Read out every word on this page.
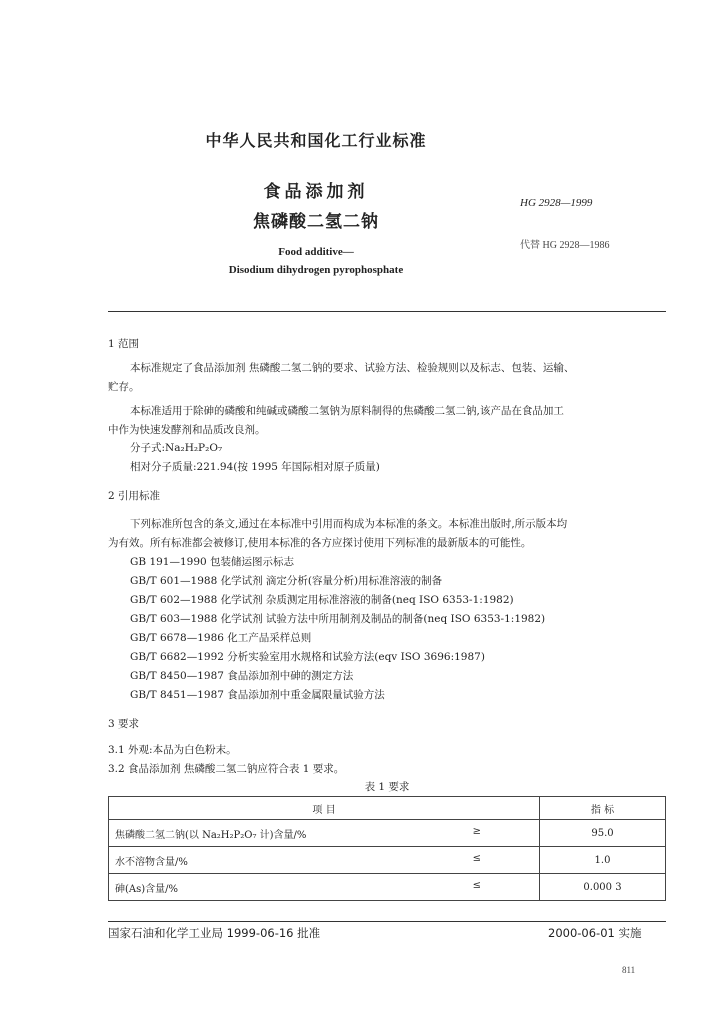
中华人民共和国化工行业标准
食品添加剂
焦磷酸二氢二钠
HG 2928—1999
代替 HG 2928—1986
Food additive—
Disodium dihydrogen pyrophosphate
1 范围
本标准规定了食品添加剂 焦磷酸二氢二钠的要求、试验方法、检验规则以及标志、包装、运输、
贮存。
本标准适用于除砷的磷酸和纯碱或磷酸二氢钠为原料制得的焦磷酸二氢二钠,该产品在食品加工
中作为快速发酵剂和品质改良剂。
分子式:Na₂H₂P₂O₇
相对分子质量:221.94(按 1995 年国际相对原子质量)
2 引用标准
下列标准所包含的条文,通过在本标准中引用而构成为本标准的条文。本标准出版时,所示版本均
为有效。所有标准都会被修订,使用本标准的各方应探讨使用下列标准的最新版本的可能性。
GB 191—1990 包装储运图示标志
GB/T 601—1988 化学试剂 滴定分析(容量分析)用标准溶液的制备
GB/T 602—1988 化学试剂 杂质测定用标准溶液的制备(neq ISO 6353-1:1982)
GB/T 603—1988 化学试剂 试验方法中所用制剂及制品的制备(neq ISO 6353-1:1982)
GB/T 6678—1986 化工产品采样总则
GB/T 6682—1992 分析实验室用水规格和试验方法(eqv ISO 3696:1987)
GB/T 8450—1987 食品添加剂中砷的测定方法
GB/T 8451—1987 食品添加剂中重金属限量试验方法
3 要求
3.1 外观:本品为白色粉末。
3.2 食品添加剂 焦磷酸二氢二钠应符合表 1 要求。
表 1 要求
项 目	指 标
焦磷酸二氢二钠(以 Na₂H₂P₂O₇ 计)含量/% ≥	95.0
水不溶物含量/% ≤	1.0
砷(As)含量/% ≤	0.000 3
国家石油和化学工业局 1999-06-16 批准	2000-06-01 实施
811
